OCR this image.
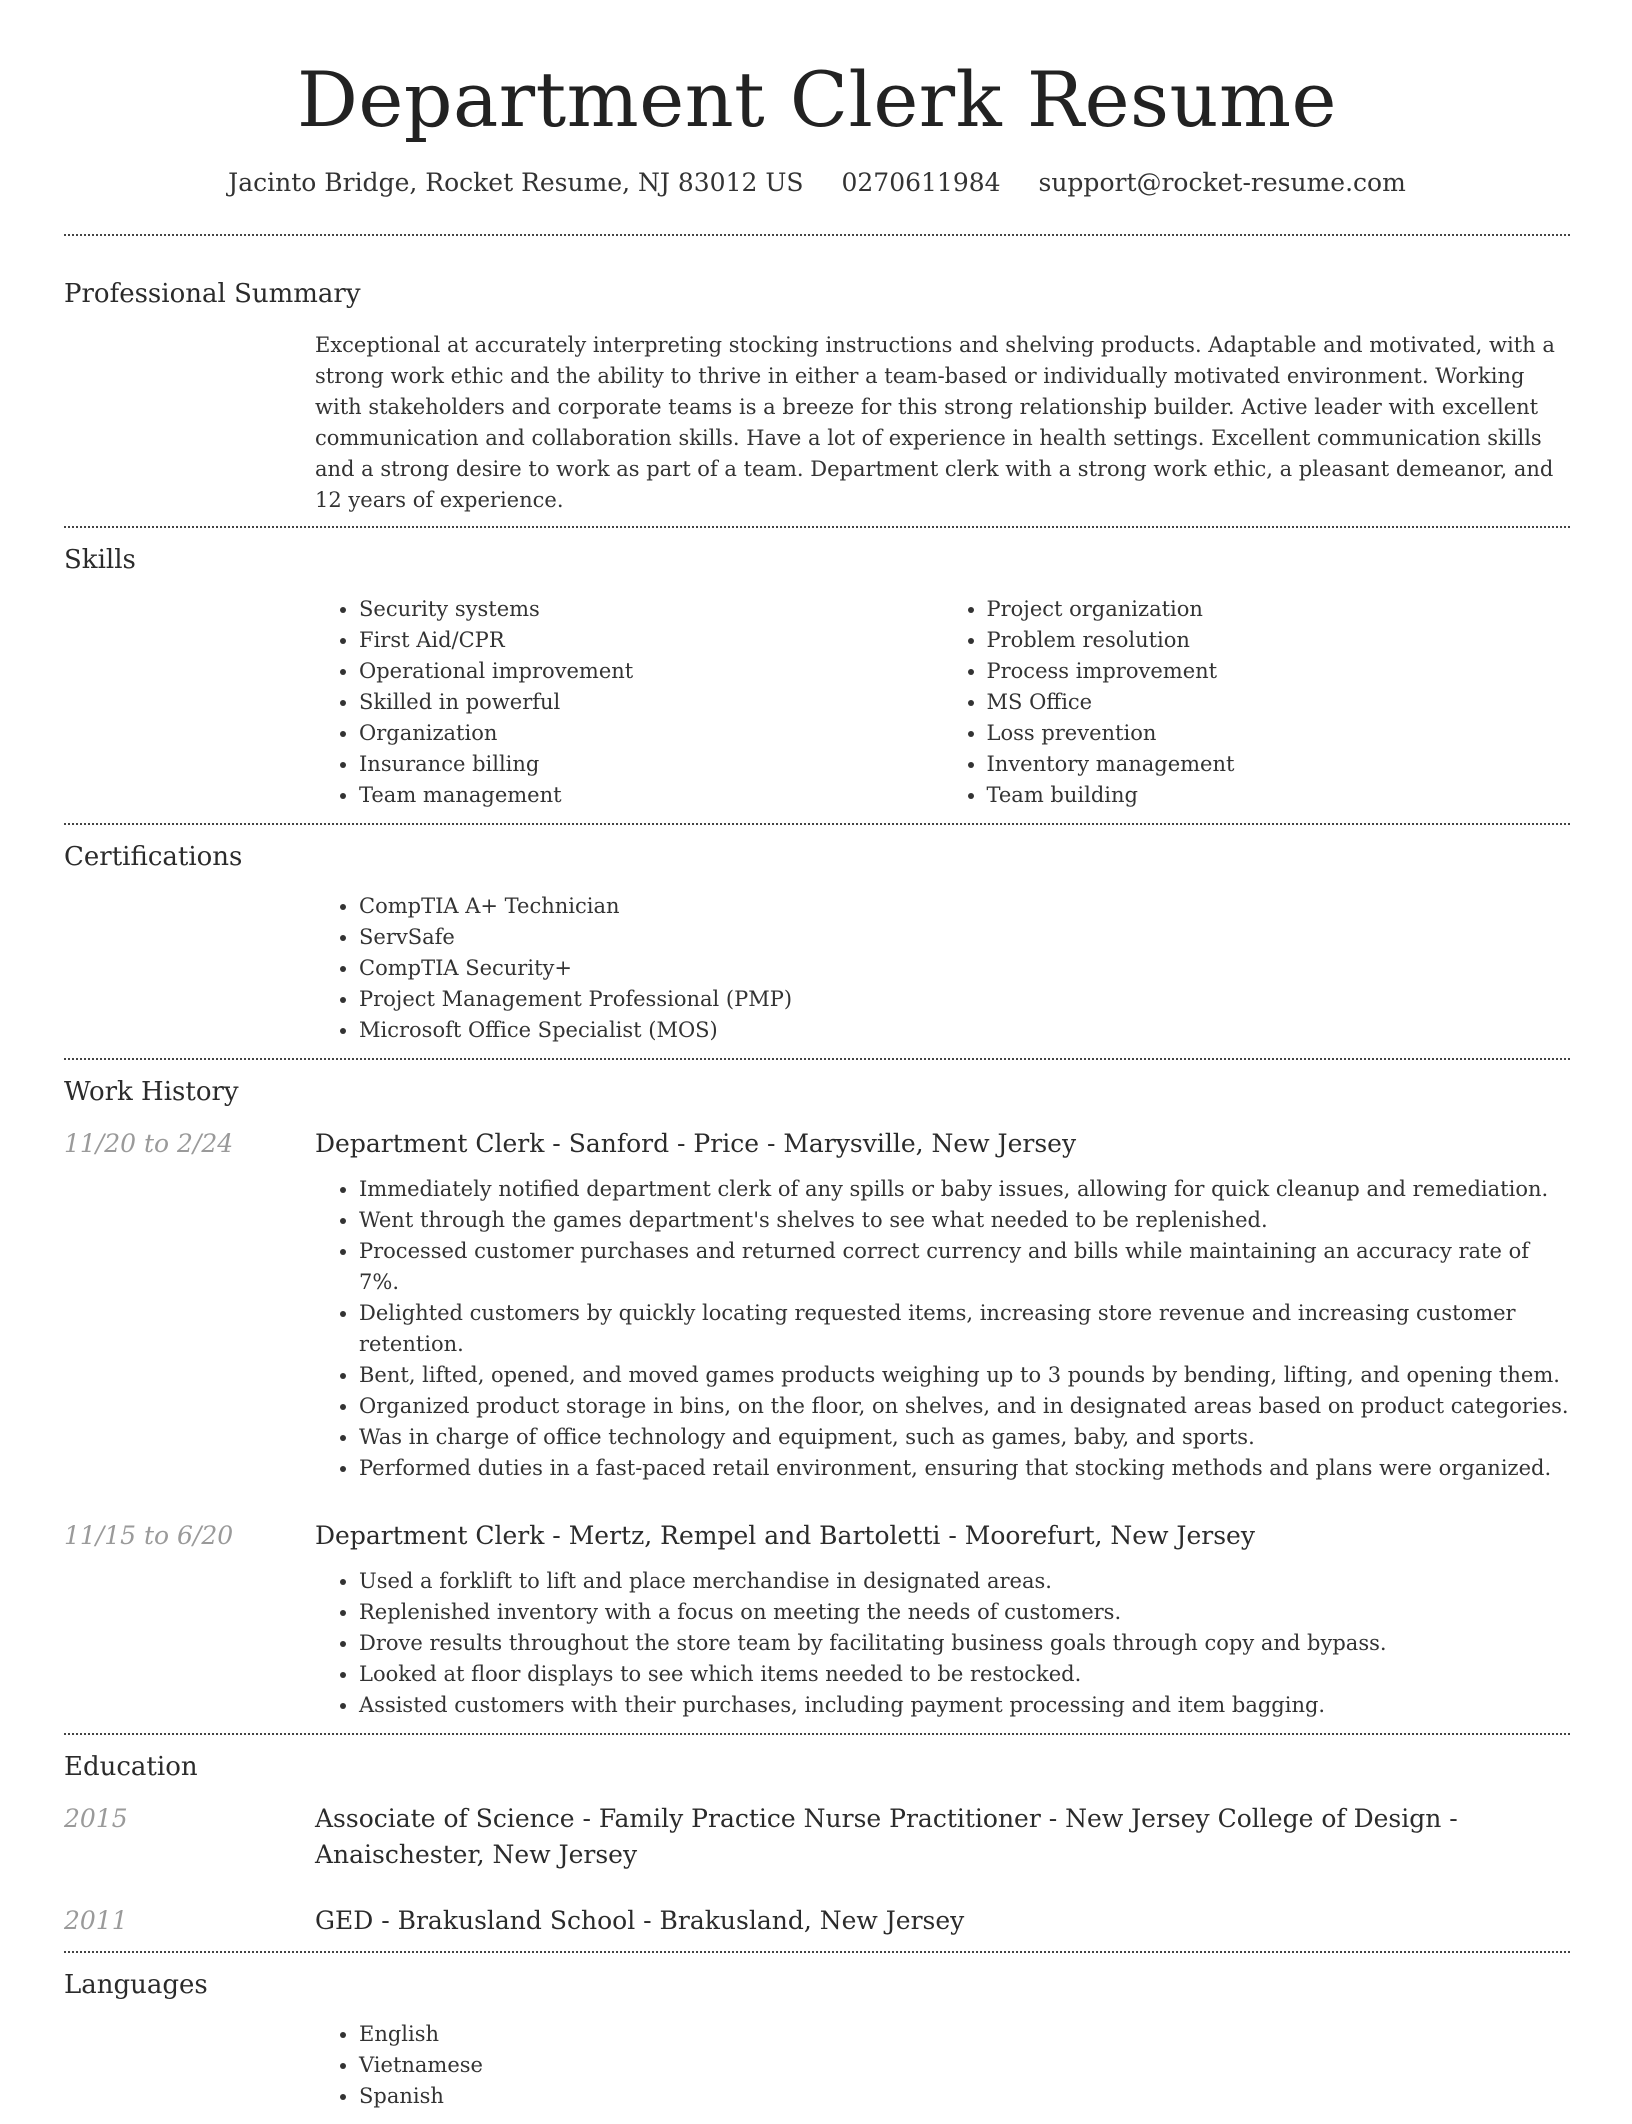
Department Clerk Resume
Jacinto Bridge, Rocket Resume, NJ 83012 US 0270611984 support@rocket-resume.com
Professional Summary
Exceptional at accurately interpreting stocking instructions and shelving products. Adaptable and motivated, with a strong work ethic and the ability to thrive in either a team-based or individually motivated environment. Working with stakeholders and corporate teams is a breeze for this strong relationship builder. Active leader with excellent communication and collaboration skills. Have a lot of experience in health settings. Excellent communication skills and a strong desire to work as part of a team. Department clerk with a strong work ethic, a pleasant demeanor, and 12 years of experience.
Skills
• Security systems
• First Aid/CPR
• Operational improvement
• Skilled in powerful
• Organization
• Insurance billing
• Team management
• Project organization
• Problem resolution
• Process improvement
• MS Office
• Loss prevention
• Inventory management
• Team building
Certifications
• CompTIA A+ Technician
• ServSafe
• CompTIA Security+
• Project Management Professional (PMP)
• Microsoft Office Specialist (MOS)
Work History
11/20 to 2/24	Department Clerk - Sanford - Price - Marysville, New Jersey
• Immediately notified department clerk of any spills or baby issues, allowing for quick cleanup and remediation.
• Went through the games department's shelves to see what needed to be replenished.
• Processed customer purchases and returned correct currency and bills while maintaining an accuracy rate of 7%.
• Delighted customers by quickly locating requested items, increasing store revenue and increasing customer retention.
• Bent, lifted, opened, and moved games products weighing up to 3 pounds by bending, lifting, and opening them.
• Organized product storage in bins, on the floor, on shelves, and in designated areas based on product categories.
• Was in charge of office technology and equipment, such as games, baby, and sports.
• Performed duties in a fast-paced retail environment, ensuring that stocking methods and plans were organized.
11/15 to 6/20	Department Clerk - Mertz, Rempel and Bartoletti - Moorefurt, New Jersey
• Used a forklift to lift and place merchandise in designated areas.
• Replenished inventory with a focus on meeting the needs of customers.
• Drove results throughout the store team by facilitating business goals through copy and bypass.
• Looked at floor displays to see which items needed to be restocked.
• Assisted customers with their purchases, including payment processing and item bagging.
Education
2015	Associate of Science - Family Practice Nurse Practitioner - New Jersey College of Design - Anaischester, New Jersey
2011	GED - Brakusland School - Brakusland, New Jersey
Languages
• English
• Vietnamese
• Spanish
